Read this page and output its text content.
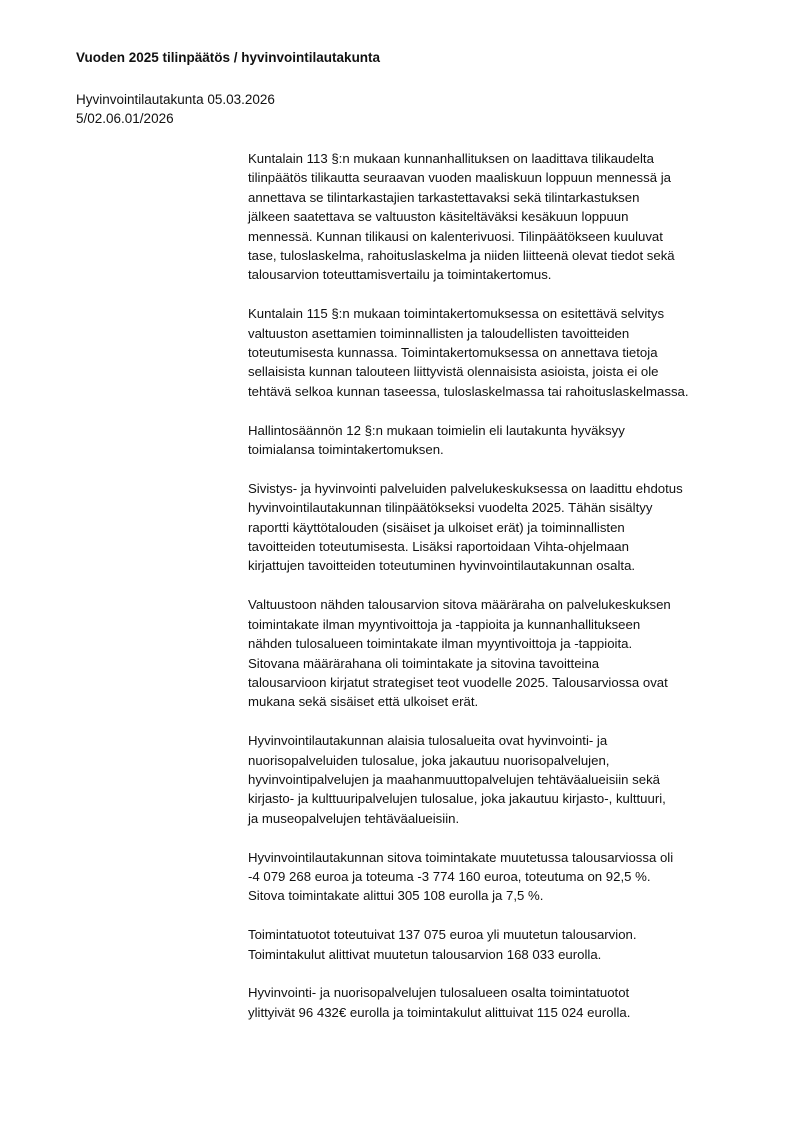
Vuoden 2025 tilinpäätös / hyvinvointilautakunta
Hyvinvointilautakunta 05.03.2026
5/02.06.01/2026
Kuntalain 113 §:n mukaan kunnanhallituksen on laadittava tilikaudelta
tilinpäätös tilikautta seuraavan vuoden maaliskuun loppuun mennessä ja
annettava se tilintarkastajien tarkastettavaksi sekä tilintarkastuksen
jälkeen saatettava se valtuuston käsiteltäväksi kesäkuun loppuun
mennessä. Kunnan tilikausi on kalenterivuosi. Tilinpäätökseen kuuluvat
tase, tuloslaskelma, rahoituslaskelma ja niiden liitteenä olevat tiedot sekä
talousarvion toteuttamisvertailu ja toimintakertomus.
Kuntalain 115 §:n mukaan toimintakertomuksessa on esitettävä selvitys
valtuuston asettamien toiminnallisten ja taloudellisten tavoitteiden
toteutumisesta kunnassa. Toimintakertomuksessa on annettava tietoja
sellaisista kunnan talouteen liittyvistä olennaisista asioista, joista ei ole
tehtävä selkoa kunnan taseessa, tuloslaskelmassa tai rahoituslaskelmassa.
Hallintosäännön 12 §:n mukaan toimielin eli lautakunta hyväksyy
toimialansa toimintakertomuksen.
Sivistys- ja hyvinvointi palveluiden palvelukeskuksessa on laadittu ehdotus
hyvinvointilautakunnan tilinpäätökseksi vuodelta 2025. Tähän sisältyy
raportti käyttötalouden (sisäiset ja ulkoiset erät) ja toiminnallisten
tavoitteiden toteutumisesta. Lisäksi raportoidaan Vihta-ohjelmaan
kirjattujen tavoitteiden toteutuminen hyvinvointilautakunnan osalta.
Valtuustoon nähden talousarvion sitova määräraha on palvelukeskuksen
toimintakate ilman myyntivoittoja ja -tappioita ja kunnanhallitukseen
nähden tulosalueen toimintakate ilman myyntivoittoja ja -tappioita.
Sitovana määrärahana oli toimintakate ja sitovina tavoitteina
talousarvioon kirjatut strategiset teot vuodelle 2025. Talousarviossa ovat
mukana sekä sisäiset että ulkoiset erät.
Hyvinvointilautakunnan alaisia tulosalueita ovat hyvinvointi- ja
nuorisopalveluiden tulosalue, joka jakautuu nuorisopalvelujen,
hyvinvointipalvelujen ja maahanmuuttopalvelujen tehtäväalueisiin sekä
kirjasto- ja kulttuuripalvelujen tulosalue, joka jakautuu kirjasto-, kulttuuri,
ja museopalvelujen tehtäväalueisiin.
Hyvinvointilautakunnan sitova toimintakate muutetussa talousarviossa oli
-4 079 268 euroa ja toteuma -3 774 160 euroa, toteutuma on 92,5 %.
Sitova toimintakate alittui 305 108 eurolla ja 7,5 %.
Toimintatuotot toteutuivat 137 075 euroa yli muutetun talousarvion.
Toimintakulut alittivat muutetun talousarvion 168 033 eurolla.
Hyvinvointi- ja nuorisopalvelujen tulosalueen osalta toimintatuotot
ylittyivät 96 432€ eurolla ja toimintakulut alittuivat 115 024 eurolla.
